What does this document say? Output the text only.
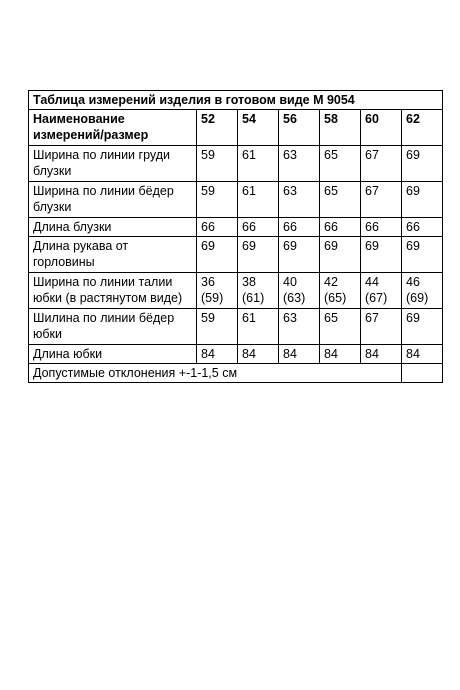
Таблица измерений изделия в готовом виде М 9054						
Наименование измерений/размер	52	54	56	58	60	62
Ширина по линии груди блузки	59	61	63	65	67	69
Ширина по линии бёдер блузки	59	61	63	65	67	69
Длина блузки	66	66	66	66	66	66
Длина рукава от горловины	69	69	69	69	69	69
Ширина по линии талии юбки (в растянутом виде)	36 (59)	38 (61)	40 (63)	42 (65)	44 (67)	46 (69)
Шилина по линии бёдер юбки	59	61	63	65	67	69
Длина юбки	84	84	84	84	84	84
Допустимые отклонения +-1-1,5 см						
